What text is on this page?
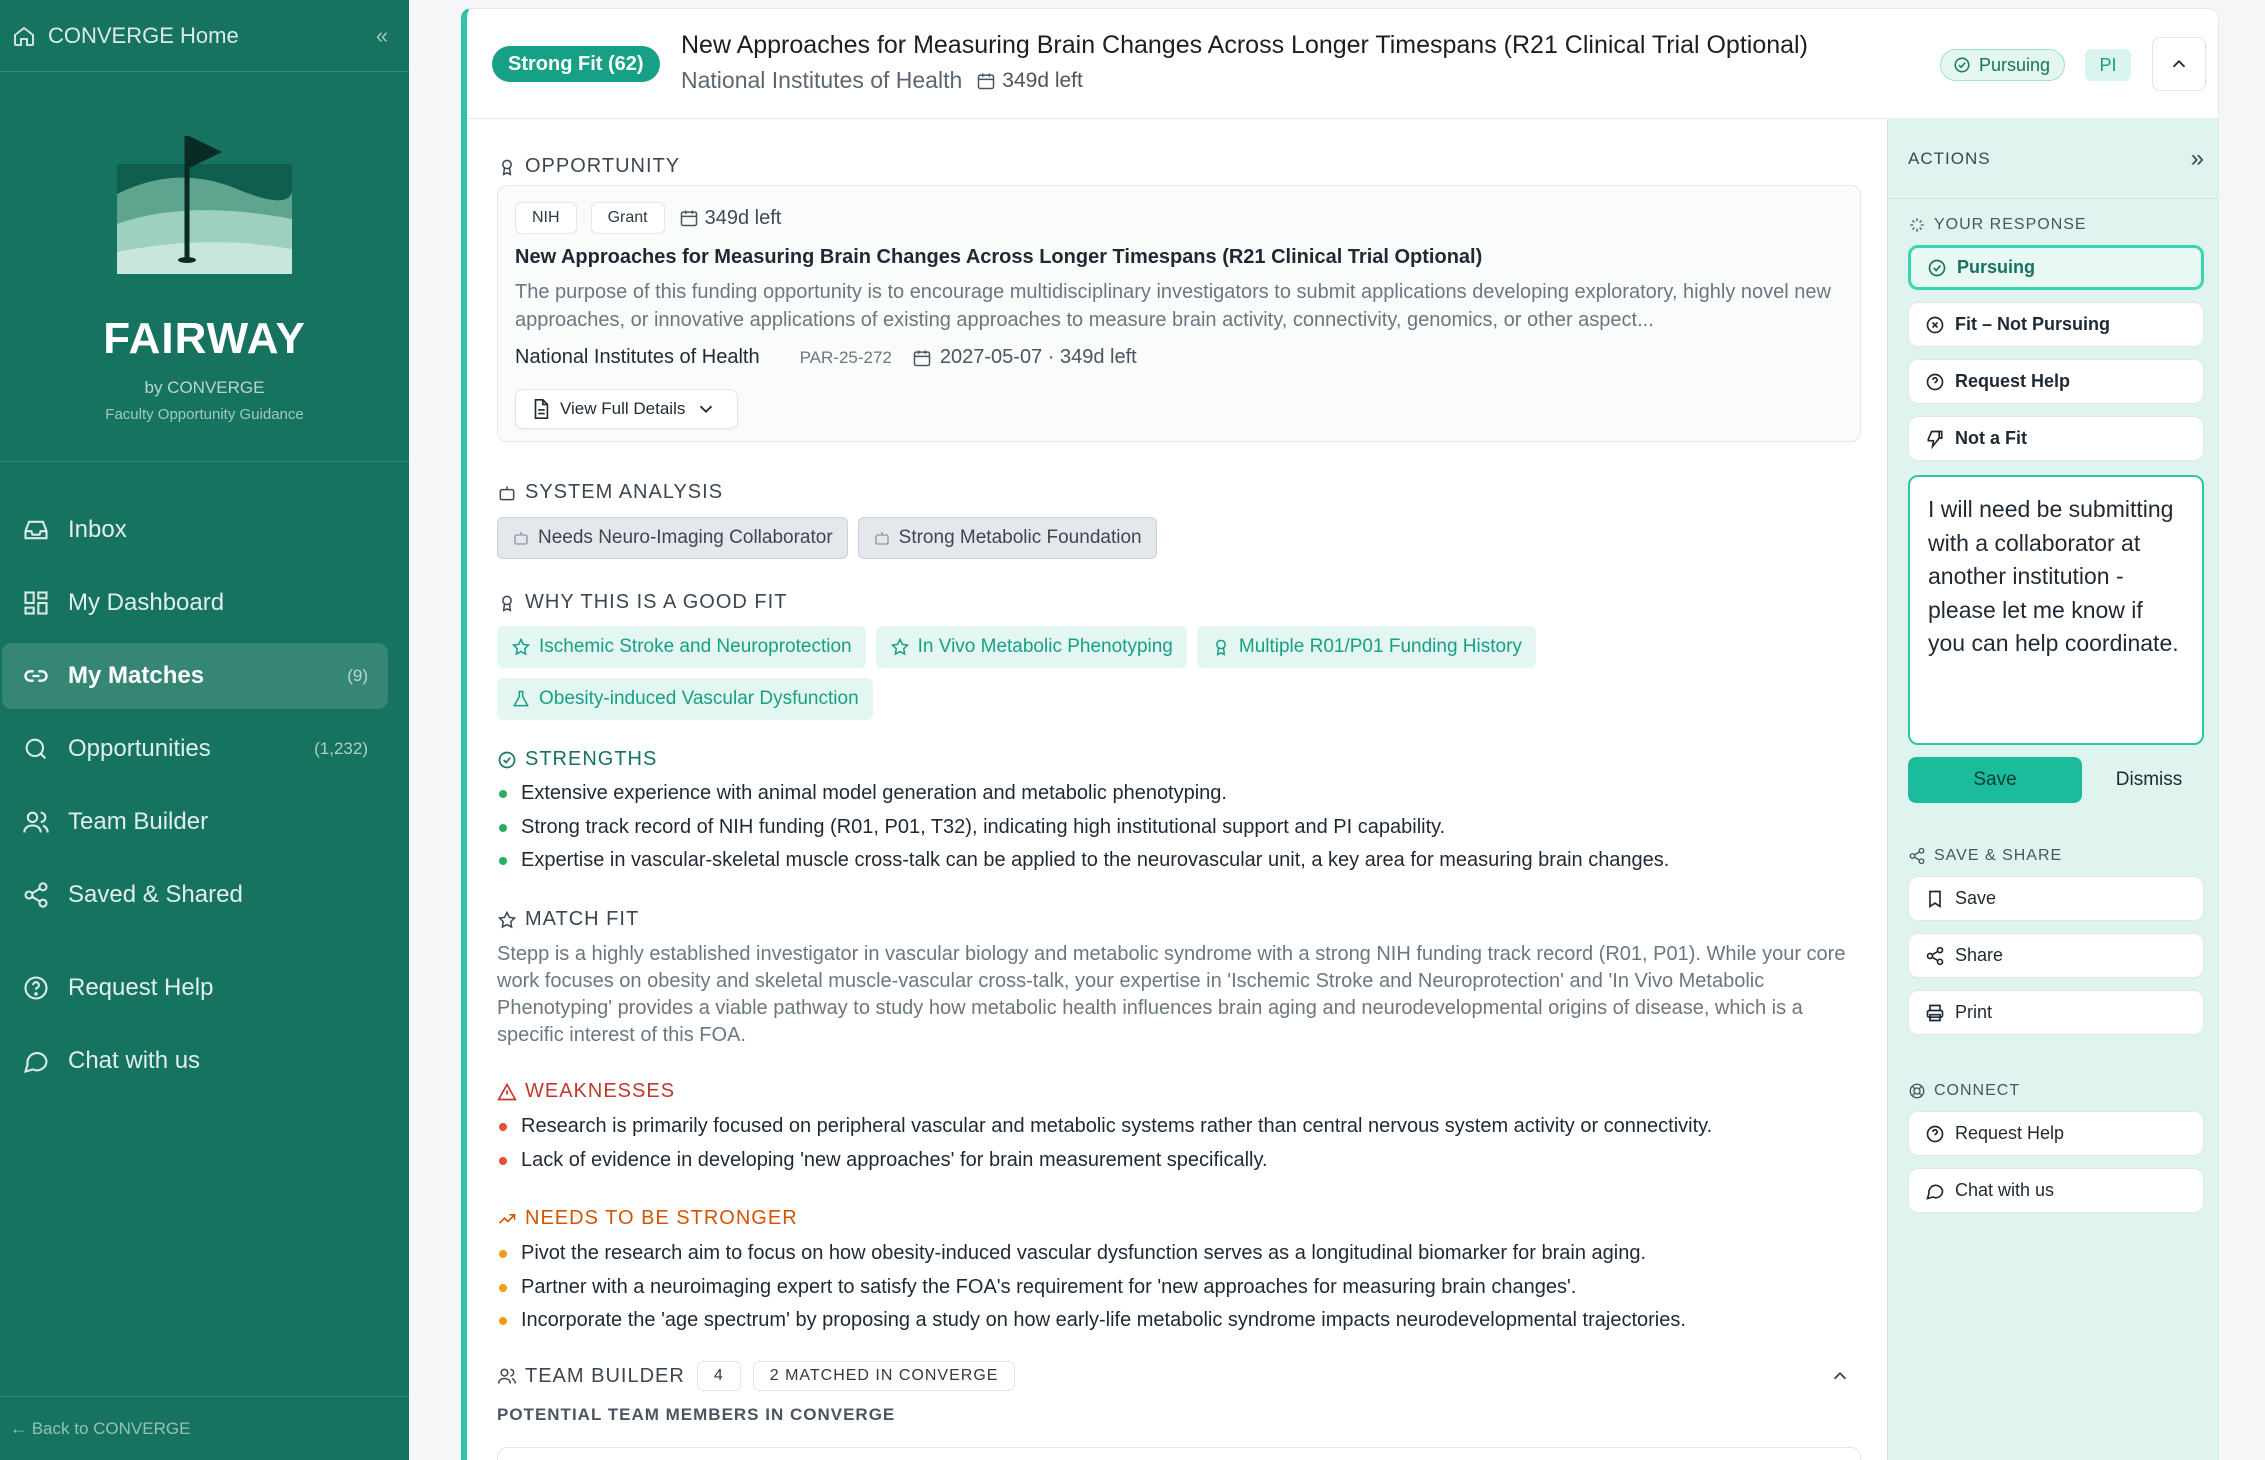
CONVERGE Home	«
FAIRWAY
by CONVERGE
Faculty Opportunity Guidance
Inbox
My Dashboard
My Matches	(9)
Opportunities	(1,232)
Team Builder
Saved & Shared
Request Help
Chat with us
← Back to CONVERGE
Strong Fit (62)
New Approaches for Measuring Brain Changes Across Longer Timespans (R21 Clinical Trial Optional)
National Institutes of Health 349d left
Pursuing	PI
OPPORTUNITY
NIH	Grant	349d left
New Approaches for Measuring Brain Changes Across Longer Timespans (R21 Clinical Trial Optional)
The purpose of this funding opportunity is to encourage multidisciplinary investigators to submit applications developing exploratory, highly novel new approaches, or innovative applications of existing approaches to measure brain activity, connectivity, genomics, or other aspect...
National Institutes of Health PAR-25-272 2027-05-07 · 349d left
View Full Details
SYSTEM ANALYSIS
Needs Neuro-Imaging Collaborator	Strong Metabolic Foundation
WHY THIS IS A GOOD FIT
Ischemic Stroke and Neuroprotection	In Vivo Metabolic Phenotyping	Multiple R01/P01 Funding History
Obesity-induced Vascular Dysfunction
STRENGTHS
Extensive experience with animal model generation and metabolic phenotyping.
Strong track record of NIH funding (R01, P01, T32), indicating high institutional support and PI capability.
Expertise in vascular-skeletal muscle cross-talk can be applied to the neurovascular unit, a key area for measuring brain changes.
MATCH FIT

Stepp is a highly established investigator in vascular biology and metabolic syndrome with a strong NIH funding track record (R01, P01). While your core work focuses on obesity and skeletal muscle-vascular cross-talk, your expertise in 'Ischemic Stroke and Neuroprotection' and 'In Vivo Metabolic Phenotyping' provides a viable pathway to study how metabolic health influences brain aging and neurodevelopmental origins of disease, which is a specific interest of this FOA.

WEAKNESSES
Research is primarily focused on peripheral vascular and metabolic systems rather than central nervous system activity or connectivity.
Lack of evidence in developing 'new approaches' for brain measurement specifically.
NEEDS TO BE STRONGER
Pivot the research aim to focus on how obesity-induced vascular dysfunction serves as a longitudinal biomarker for brain aging.
Partner with a neuroimaging expert to satisfy the FOA's requirement for 'new approaches for measuring brain changes'.
Incorporate the 'age spectrum' by proposing a study on how early-life metabolic syndrome impacts neurodevelopmental trajectories.
TEAM BUILDER	4	2 MATCHED IN CONVERGE
POTENTIAL TEAM MEMBERS IN CONVERGE
ACTIONS	»
YOUR RESPONSE
Pursuing
Fit – Not Pursuing
Request Help
Not a Fit
I will need be submitting with a collaborator at another institution - please let me know if you can help coordinate.
Save	Dismiss
SAVE & SHARE
Save
Share
Print
CONNECT
Request Help
Chat with us
